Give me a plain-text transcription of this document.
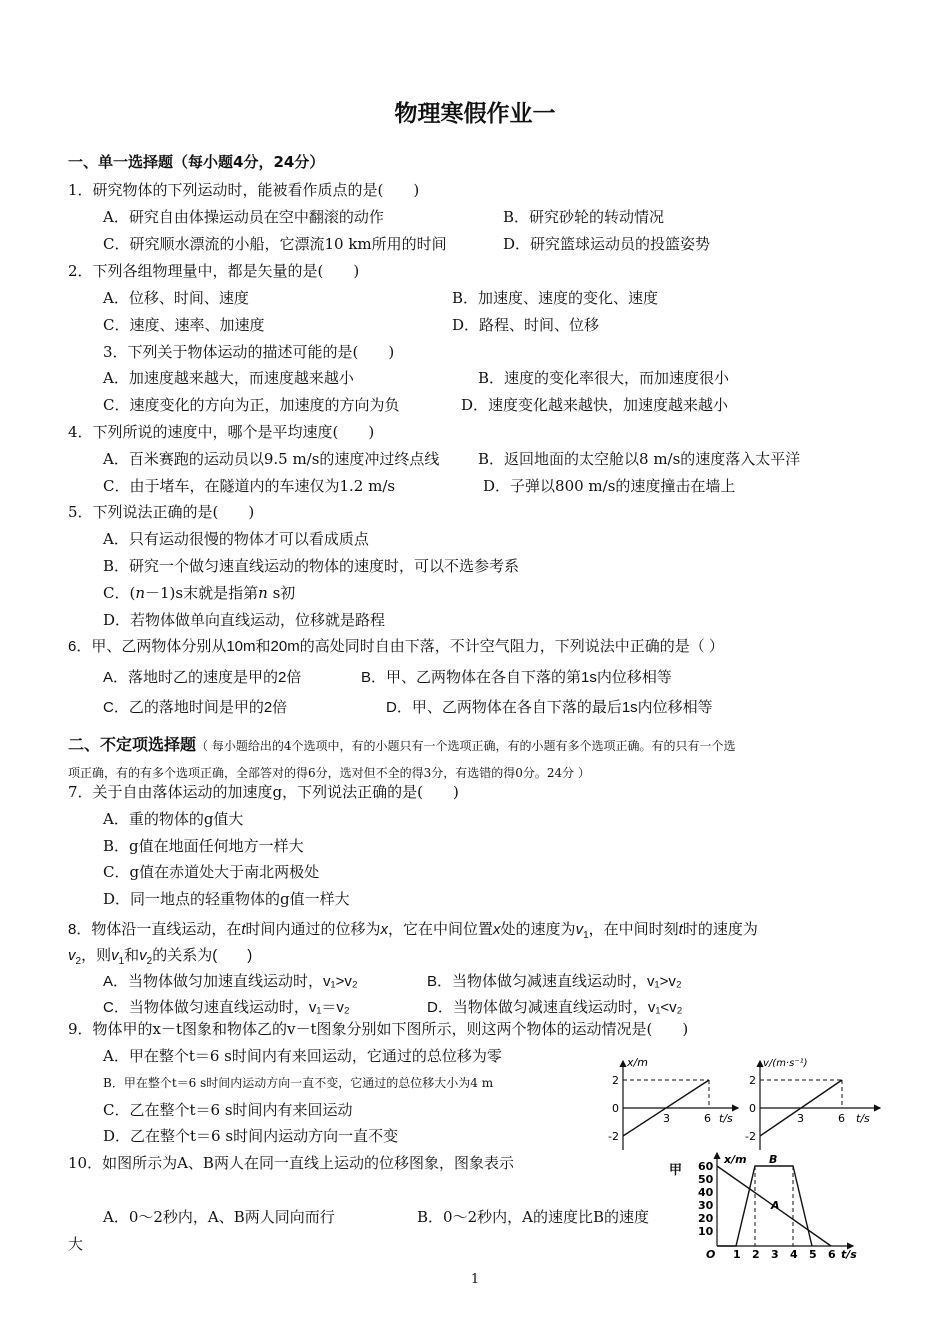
物理寒假作业一
一、单一选择题（每小题4分，24分）
1．研究物体的下列运动时，能被看作质点的是(　　)
A．研究自由体操运动员在空中翻滚的动作	B．研究砂轮的转动情况
C．研究顺水漂流的小船，它漂流10 km所用的时间	D．研究篮球运动员的投篮姿势
2．下列各组物理量中，都是矢量的是(　　)
A．位移、时间、速度	B．加速度、速度的变化、速度
C．速度、速率、加速度	D．路程、时间、位移
3．下列关于物体运动的描述可能的是(　　)
A．加速度越来越大，而速度越来越小	B．速度的变化率很大，而加速度很小
C．速度变化的方向为正，加速度的方向为负	D．速度变化越来越快，加速度越来越小
4．下列所说的速度中，哪个是平均速度(　　)
A．百米赛跑的运动员以9.5 m/s的速度冲过终点线	B．返回地面的太空舱以8 m/s的速度落入太平洋
C．由于堵车，在隧道内的车速仅为1.2 m/s	D．子弹以800 m/s的速度撞击在墙上
5．下列说法正确的是(　　)
A．只有运动很慢的物体才可以看成质点
B．研究一个做匀速直线运动的物体的速度时，可以不选参考系
C．(n－1)s末就是指第n s初
D．若物体做单向直线运动，位移就是路程
6．甲、乙两物体分别从10m和20m的高处同时自由下落，不计空气阻力，下列说法中正确的是（ ）
A．落地时乙的速度是甲的2倍	B．甲、乙两物体在各自下落的第1s内位移相等
C．乙的落地时间是甲的2倍	D．甲、乙两物体在各自下落的最后1s内位移相等
二、不定项选择题（ 每小题给出的4个选项中，有的小题只有一个选项正确，有的小题有多个选项正确。有的只有一个选
项正确，有的有多个选项正确，全部答对的得6分，选对但不全的得3分，有选错的得0分。24分 ）
7．关于自由落体运动的加速度g，下列说法正确的是(　　)
A．重的物体的g值大
B．g值在地面任何地方一样大
C．g值在赤道处大于南北两极处
D．同一地点的轻重物体的g值一样大
8．物体沿一直线运动，在t时间内通过的位移为x，它在中间位置x处的速度为$v_1$，在中间时刻t时的速度为
$v_2$，则$v_1$和$v_2$的关系为(　　)
A．当物体做匀加速直线运动时，v₁>v₂	B．当物体做匀减速直线运动时，v₁>v₂
C．当物体做匀速直线运动时，v₁＝v₂	D．当物体做匀减速直线运动时，v₁<v₂
9．物体甲的x－t图象和物体乙的v－t图象分别如下图所示，则这两个物体的运动情况是(　　)
A．甲在整个t＝6 s时间内有来回运动，它通过的总位移为零
B．甲在整个t＝6 s时间内运动方向一直不变，它通过的总位移大小为4 m
C．乙在整个t＝6 s时间内有来回运动
D．乙在整个t＝6 s时间内运动方向一直不变
10．如图所示为A、B两人在同一直线上运动的位移图象，图象表示
A．0～2秒内，A、B两人同向而行	B．0～2秒内，A的速度比B的速度
大
x/m
2
0
-2
3	6 t/s
v/(m·s⁻¹)
2
0
-2
3	6 t/s
甲 60
50
40
30
20
10
x/m B
A
O 1 2 3 4 5 6 t/s
1
